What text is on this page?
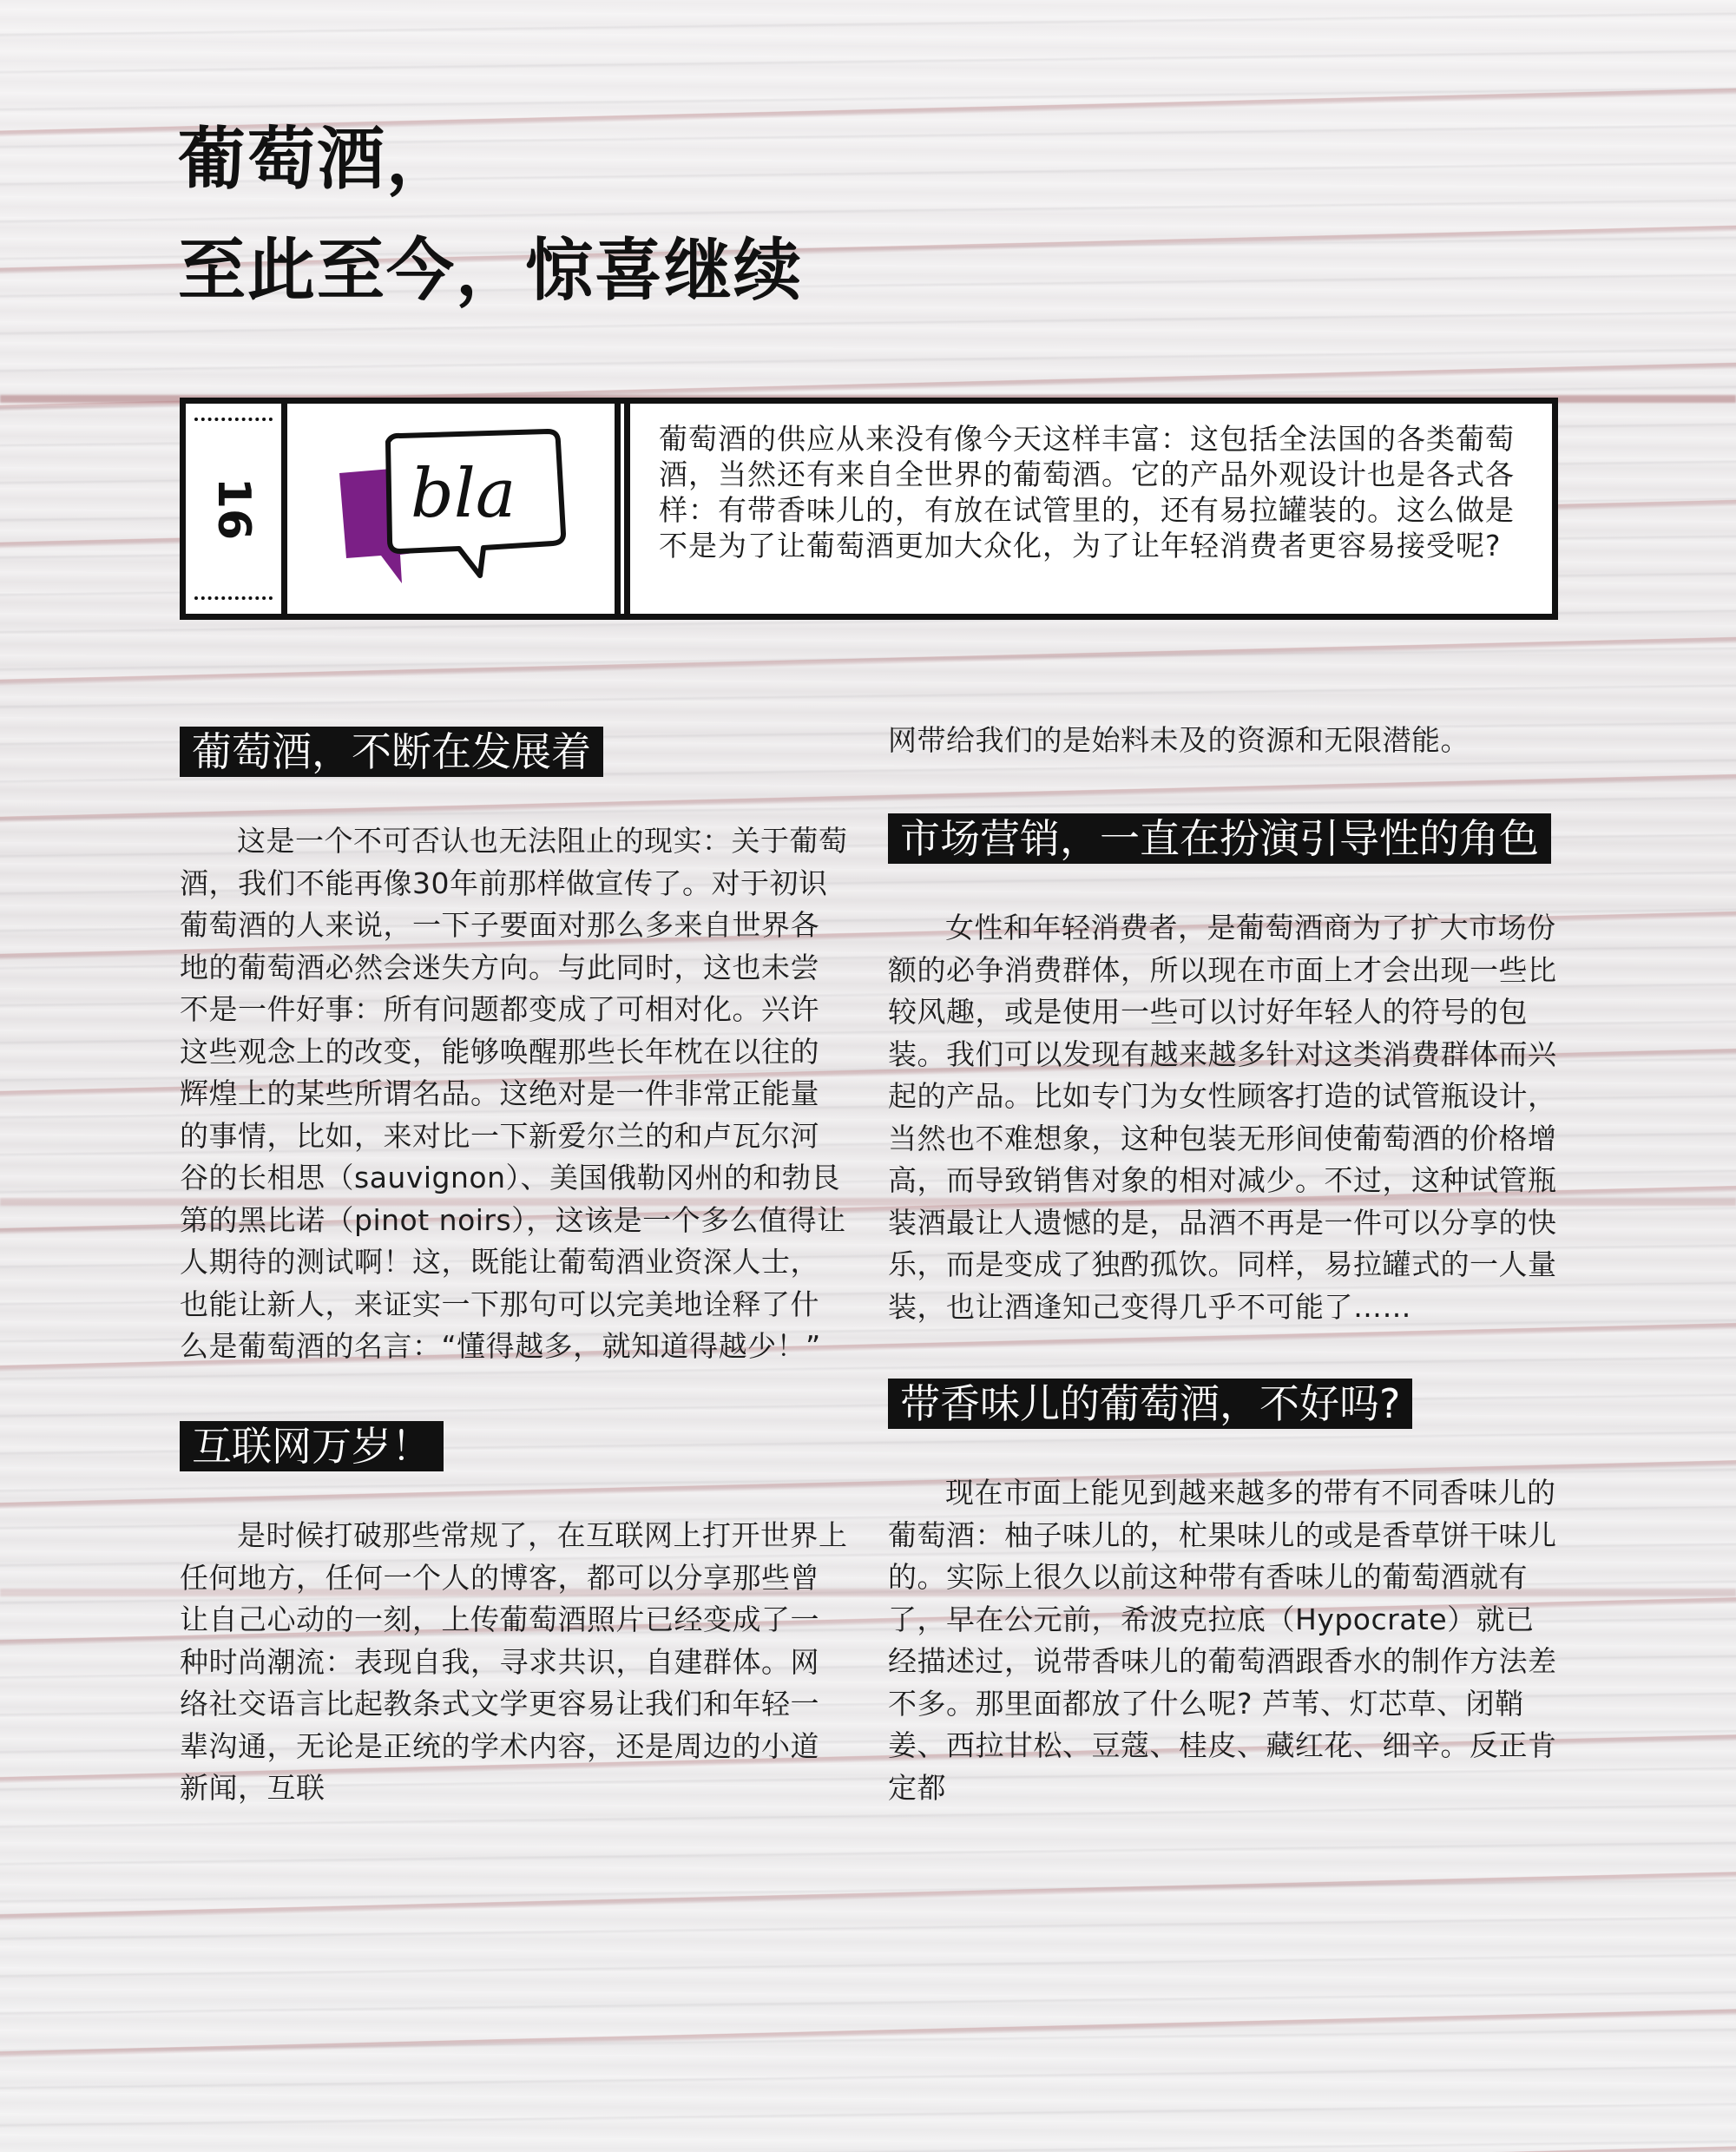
葡萄酒，
至此至今，惊喜继续
16 bla

葡萄酒的供应从来没有像今天这样丰富：这包括全法国的各类葡萄酒，当然还有来自全世界的葡萄酒。它的产品外观设计也是各式各样：有带香味儿的，有放在试管里的，还有易拉罐装的。这么做是不是为了让葡萄酒更加大众化，为了让年轻消费者更容易接受呢?

葡萄酒，不断在发展着

这是一个不可否认也无法阻止的现实：关于葡萄酒，我们不能再像30年前那样做宣传了。对于初识葡萄酒的人来说，一下子要面对那么多来自世界各地的葡萄酒必然会迷失方向。与此同时，这也未尝不是一件好事：所有问题都变成了可相对化。兴许这些观念上的改变，能够唤醒那些长年枕在以往的辉煌上的某些所谓名品。这绝对是一件非常正能量的事情，比如，来对比一下新爱尔兰的和卢瓦尔河谷的长相思（sauvignon）、美国俄勒冈州的和勃艮第的黑比诺（pinot noirs），这该是一个多么值得让人期待的测试啊！这，既能让葡萄酒业资深人士，也能让新人，来证实一下那句可以完美地诠释了什么是葡萄酒的名言：“懂得越多，就知道得越少！”

互联网万岁！

是时候打破那些常规了，在互联网上打开世界上任何地方，任何一个人的博客，都可以分享那些曾让自己心动的一刻，上传葡萄酒照片已经变成了一种时尚潮流：表现自我，寻求共识，自建群体。网络社交语言比起教条式文学更容易让我们和年轻一辈沟通，无论是正统的学术内容，还是周边的小道新闻，互联

网带给我们的是始料未及的资源和无限潜能。

市场营销，一直在扮演引导性的角色

女性和年轻消费者，是葡萄酒商为了扩大市场份额的必争消费群体，所以现在市面上才会出现一些比较风趣，或是使用一些可以讨好年轻人的符号的包装。我们可以发现有越来越多针对这类消费群体而兴起的产品。比如专门为女性顾客打造的试管瓶设计，当然也不难想象，这种包装无形间使葡萄酒的价格增高，而导致销售对象的相对减少。不过，这种试管瓶装酒最让人遗憾的是，品酒不再是一件可以分享的快乐，而是变成了独酌孤饮。同样，易拉罐式的一人量装，也让酒逢知己变得几乎不可能了……

带香味儿的葡萄酒，不好吗?

现在市面上能见到越来越多的带有不同香味儿的葡萄酒：柚子味儿的，杧果味儿的或是香草饼干味儿的。实际上很久以前这种带有香味儿的葡萄酒就有了，早在公元前，希波克拉底（Hypocrate）就已经描述过，说带香味儿的葡萄酒跟香水的制作方法差不多。那里面都放了什么呢? 芦苇、灯芯草、闭鞘姜、西拉甘松、豆蔻、桂皮、藏红花、细辛。反正肯定都
